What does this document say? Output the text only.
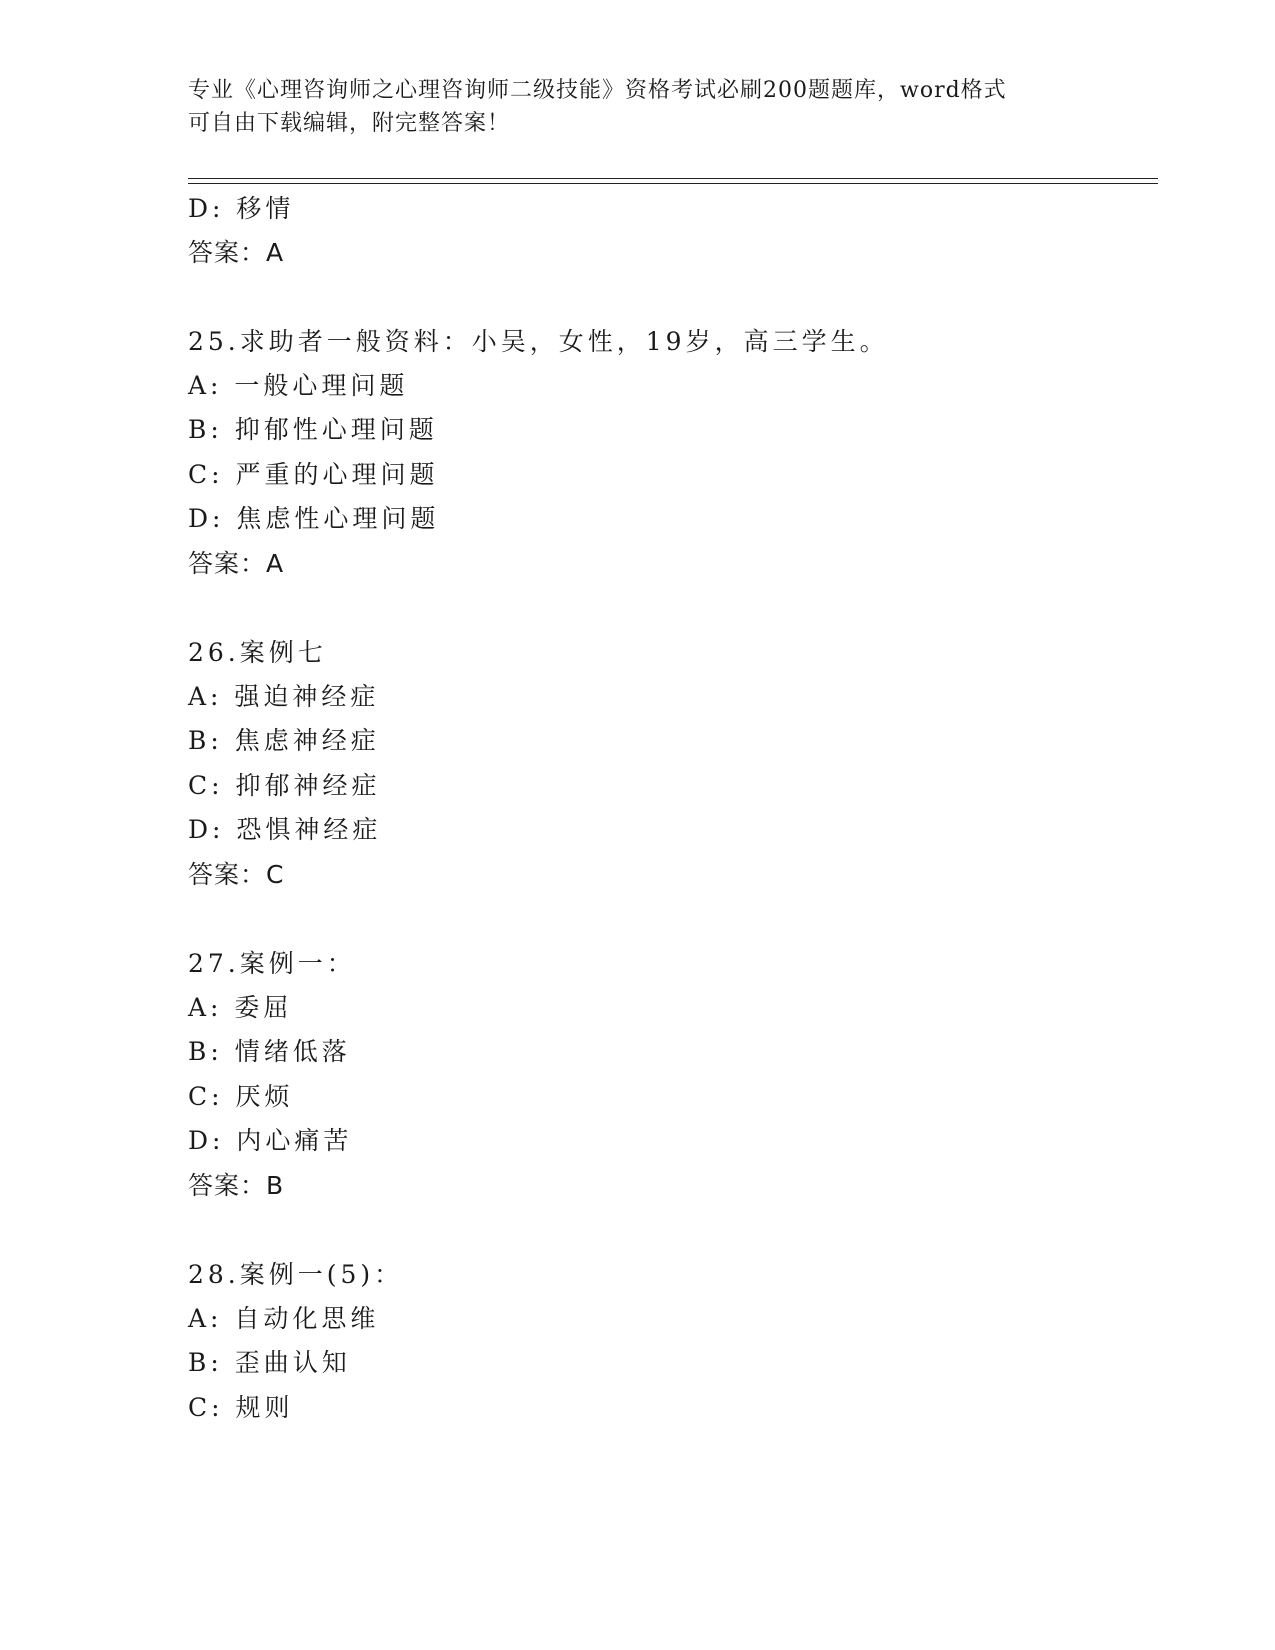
专业《心理咨询师之心理咨询师二级技能》资格考试必刷200题题库，word格式
可自由下载编辑，附完整答案！
D: 移情
答案：A
25.求助者一般资料：小吴，女性，19岁，高三学生。
A: 一般心理问题
B: 抑郁性心理问题
C: 严重的心理问题
D: 焦虑性心理问题
答案：A
26.案例七
A: 强迫神经症
B: 焦虑神经症
C: 抑郁神经症
D: 恐惧神经症
答案：C
27.案例一：
A: 委屈
B: 情绪低落
C: 厌烦
D: 内心痛苦
答案：B
28.案例一(5)：
A: 自动化思维
B: 歪曲认知
C: 规则
